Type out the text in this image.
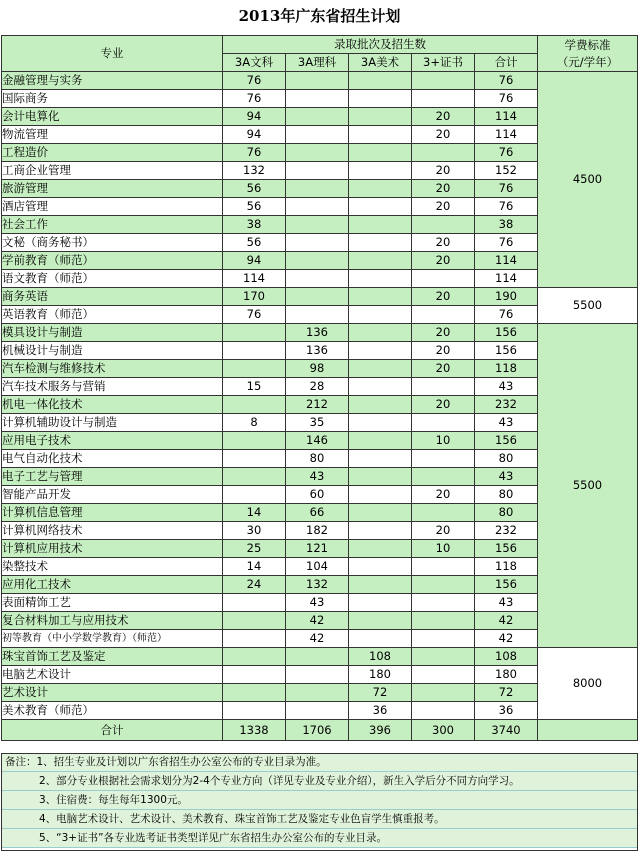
2013年广东省招生计划
专业	录取批次及招生数					学费标准
（元/学年）

	3A文科	3A理科	3A美术	3+证书	合计	
金融管理与实务	76				76	4500
国际商务	76				76	
会计电算化	94			20	114	
物流管理	94			20	114	
工程造价	76				76	
工商企业管理	132			20	152	
旅游管理	56			20	76	
酒店管理	56			20	76	
社会工作	38				38	
文秘（商务秘书）	56			20	76	
学前教育（师范）	94			20	114	
语文教育（师范）	114				114	
商务英语	170			20	190	5500
英语教育（师范）	76				76	
模具设计与制造		136		20	156	5500
机械设计与制造		136		20	156	
汽车检测与维修技术		98		20	118	
汽车技术服务与营销	15	28			43	
机电一体化技术		212		20	232	
计算机辅助设计与制造	8	35			43	
应用电子技术		146		10	156	
电气自动化技术		80			80	
电子工艺与管理		43			43	
智能产品开发		60		20	80	
计算机信息管理	14	66			80	
计算机网络技术	30	182		20	232	
计算机应用技术	25	121		10	156	
染整技术	14	104			118	
应用化工技术	24	132			156	
表面精饰工艺		43			43	
复合材料加工与应用技术		42			42	
初等教育（中小学数学教育）（师范）		42			42	
珠宝首饰工艺及鉴定			108		108	8000
电脑艺术设计			180		180	
艺术设计			72		72	
美术教育（师范）			36		36	
合计	1338	1706	396	300	3740	
备注：1、招生专业及计划以广东省招生办公室公布的专业目录为准。
2、部分专业根据社会需求划分为2-4个专业方向（详见专业及专业介绍），新生入学后分不同方向学习。
3、住宿费：每生每年1300元。
4、电脑艺术设计、艺术设计、美术教育、珠宝首饰工艺及鉴定专业色盲学生慎重报考。
5、“3+证书”各专业选考证书类型详见广东省招生办公室公布的专业目录。
